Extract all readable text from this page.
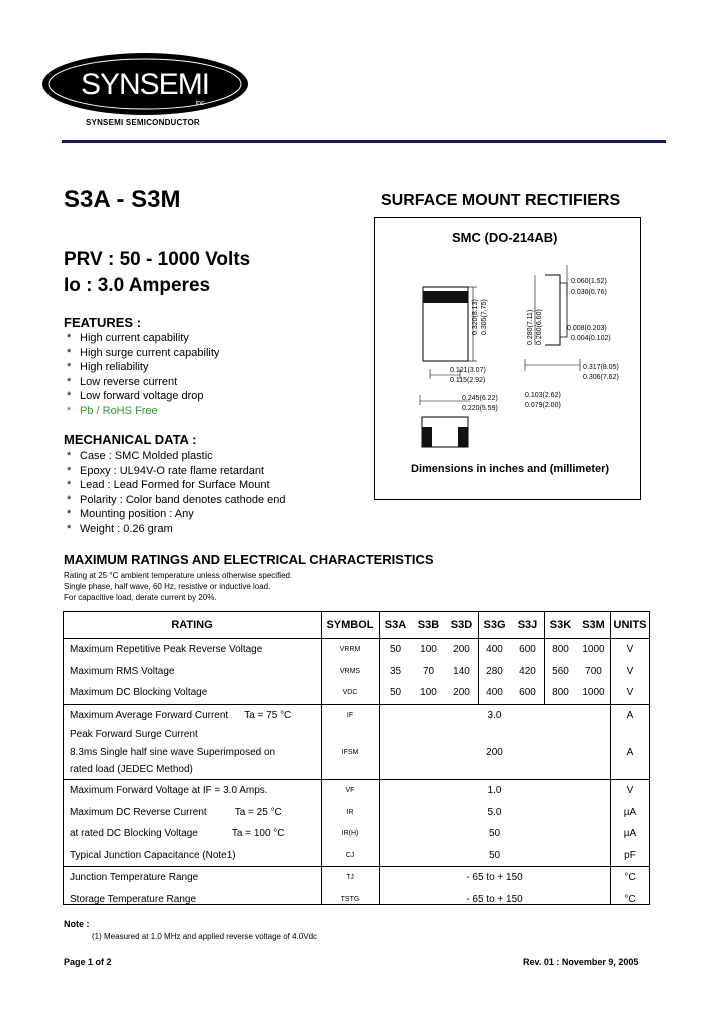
SYNSEMI
inc
SYNSEMI SEMICONDUCTOR
S3A - S3M
PRV : 50 - 1000 Volts
Io : 3.0 Amperes
FEATURES :
* High current capability
* High surge current capability
* High reliability
* Low reverse current
* Low forward voltage drop
* Pb / RoHS Free
MECHANICAL DATA :
* Case : SMC Molded plastic
* Epoxy : UL94V-O rate flame retardant
* Lead : Lead Formed for Surface Mount
* Polarity : Color band denotes cathode end
* Mounting position : Any
* Weight : 0.26 gram
SURFACE MOUNT RECTIFIERS
SMC (DO-214AB)
0.320(8.13) 0.305(7.75)
0.121(3.07)
0.115(2.92)
0.245(6.22)
0.220(5.59)
0.280(7.11) 0.260(6.60)
0.060(1.52)
0.030(0.76)
0.008(0.203)
0.004(0.102)
0.317(8.05)
0.306(7.62)
0.103(2.62)
0.079(2.00)
Dimensions in inches and (millimeter)
MAXIMUM RATINGS AND ELECTRICAL CHARACTERISTICS
Rating at 25 °C ambient temperature unless otherwise specified.
Single phase, half wave, 60 Hz, resistive or inductive load.
For capacitive load, derate current by 20%.
RATING	SYMBOL	S3A	S3B	S3D	S3G	S3J	S3K	S3M	UNITS
Maximum Repetitive Peak Reverse Voltage	VRRM	50	100	200	400	600	800	1000	V
Maximum RMS Voltage	VRMS	35	70	140	280	420	560	700	V
Maximum DC Blocking Voltage	VDC	50	100	200	400	600	800	1000	V
Maximum Average Forward Current Ta = 75 °C	IF	3.0							A

Peak Forward Surge Current
8.3ms Single half sine wave Superimposed on
rated load (JEDEC Method)	IFSM	200							A
Maximum Forward Voltage at IF = 3.0 Amps.	VF	1.0							V
Maximum DC Reverse Current Ta = 25 °C	IR	5.0							µA
at rated DC Blocking Voltage Ta = 100 °C	IR(H)	50							µA
Typical Junction Capacitance (Note1)	CJ	50							pF
Junction Temperature Range	TJ	- 65 to + 150							°C
Storage Temperature Range	TSTG	- 65 to + 150							°C
Note :
(1) Measured at 1.0 MHz and applied reverse voltage of 4.0Vdc
Page 1 of 2	Rev. 01 : November 9, 2005
